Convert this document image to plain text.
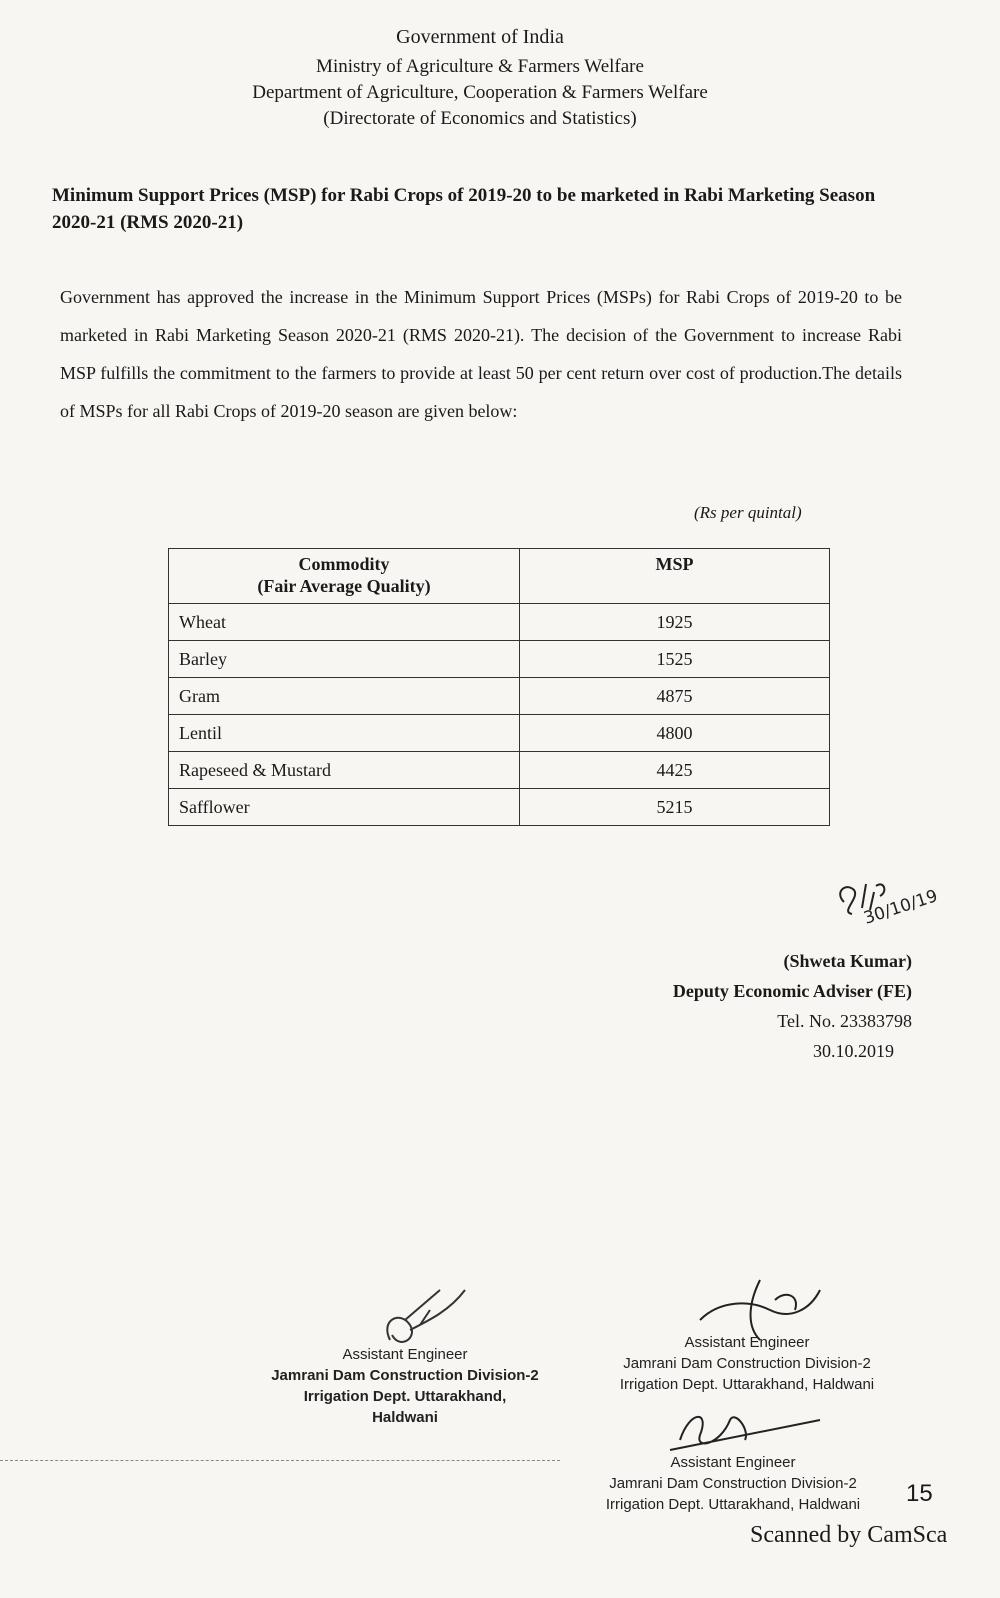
Government of India
Ministry of Agriculture & Farmers Welfare
Department of Agriculture, Cooperation & Farmers Welfare
(Directorate of Economics and Statistics)
Minimum Support Prices (MSP) for Rabi Crops of 2019-20 to be marketed in Rabi Marketing Season 2020-21 (RMS 2020-21)
Government has approved the increase in the Minimum Support Prices (MSPs) for Rabi Crops of 2019-20 to be marketed in Rabi Marketing Season 2020-21 (RMS 2020-21). The decision of the Government to increase Rabi MSP fulfills the commitment to the farmers to provide at least 50 per cent return over cost of production.The details of MSPs for all Rabi Crops of 2019-20 season are given below:
(Rs per quintal)
Commodity
(Fair Average Quality)	MSP
Wheat	1925
Barley	1525
Gram	4875
Lentil	4800
Rapeseed & Mustard	4425
Safflower	5215
30/10/19
(Shweta Kumar)
Deputy Economic Adviser (FE)
Tel. No. 23383798
30.10.2019
Assistant Engineer
Jamrani Dam Construction Division-2
Irrigation Dept. Uttarakhand, Haldwani
Assistant Engineer
Jamrani Dam Construction Division-2
Irrigation Dept. Uttarakhand, Haldwani
Assistant Engineer
Jamrani Dam Construction Division-2
Irrigation Dept. Uttarakhand, Haldwani	15
Scanned by CamSca
